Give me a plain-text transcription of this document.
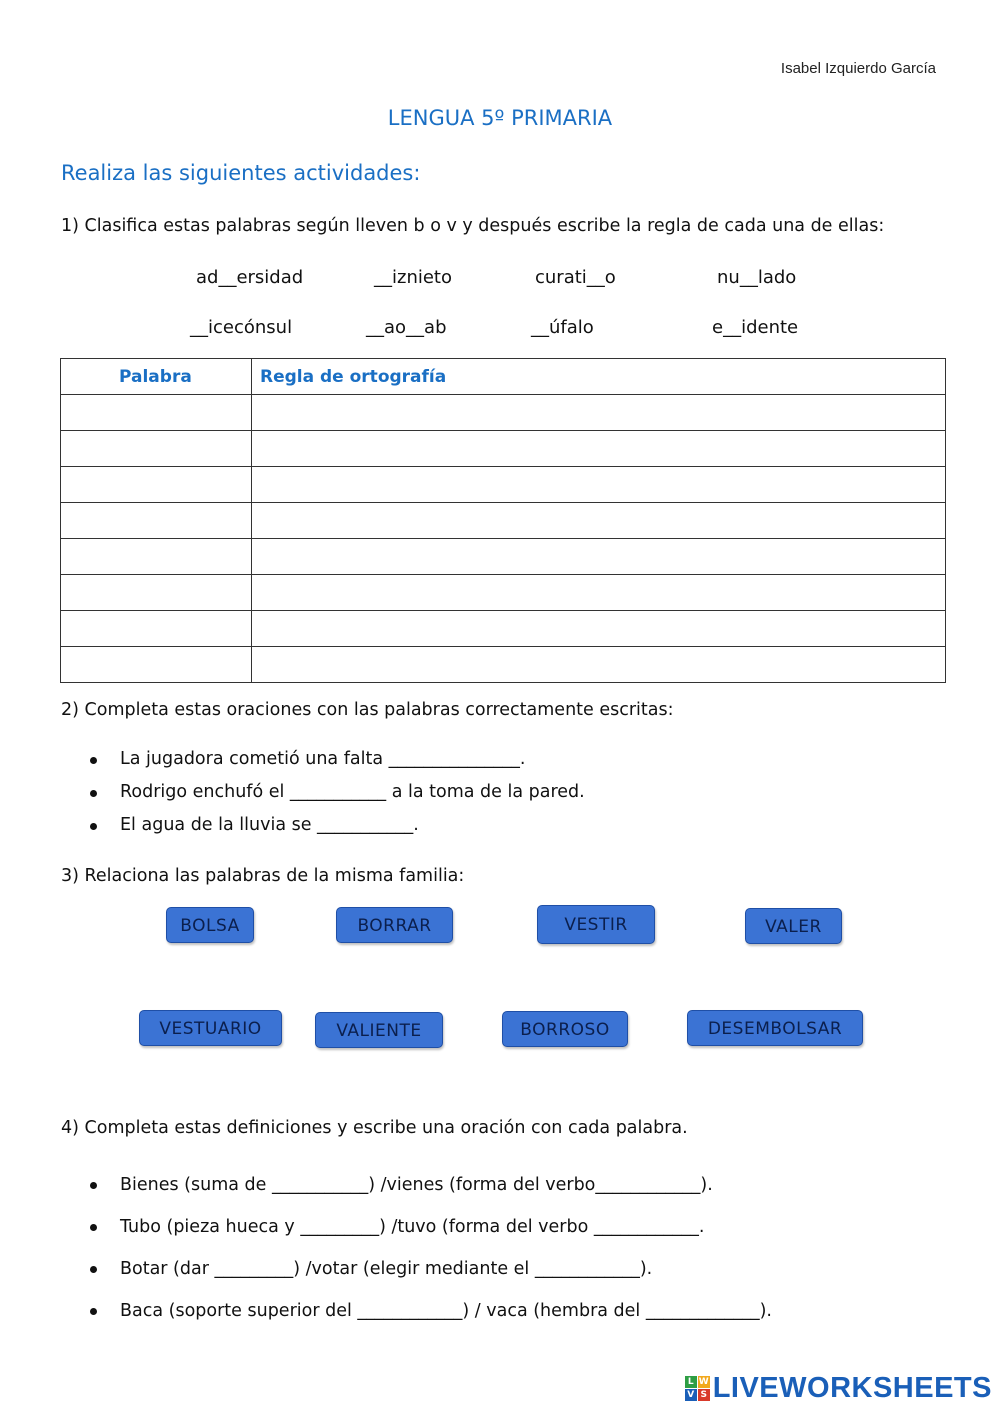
Isabel Izquierdo García
LENGUA 5º PRIMARIA
Realiza las siguientes actividades:
1) Clasifica estas palabras según lleven b o v y después escribe la regla de cada una de ellas:
ad__ersidad	__iznieto	curati__o	nu__lado
__icecónsul	__ao__ab	__úfalo	e__idente
Palabra	Regla de ortografía

2) Completa estas oraciones con las palabras correctamente escritas:
La jugadora cometió una falta _______________.
Rodrigo enchufó el ___________ a la toma de la pared.
El agua de la lluvia se ___________.
3) Relaciona las palabras de la misma familia:
BOLSA	BORRAR	VESTIR	VALER
VESTUARIO	VALIENTE	BORROSO	DESEMBOLSAR
4) Completa estas definiciones y escribe una oración con cada palabra.
Bienes (suma de ___________) /vienes (forma del verbo____________).
Tubo (pieza hueca y _________) /tuvo (forma del verbo ____________.
Botar (dar _________) /votar (elegir mediante el ____________).
Baca (soporte superior del ____________) / vaca (hembra del _____________).
L W
V S LIVEWORKSHEETS
